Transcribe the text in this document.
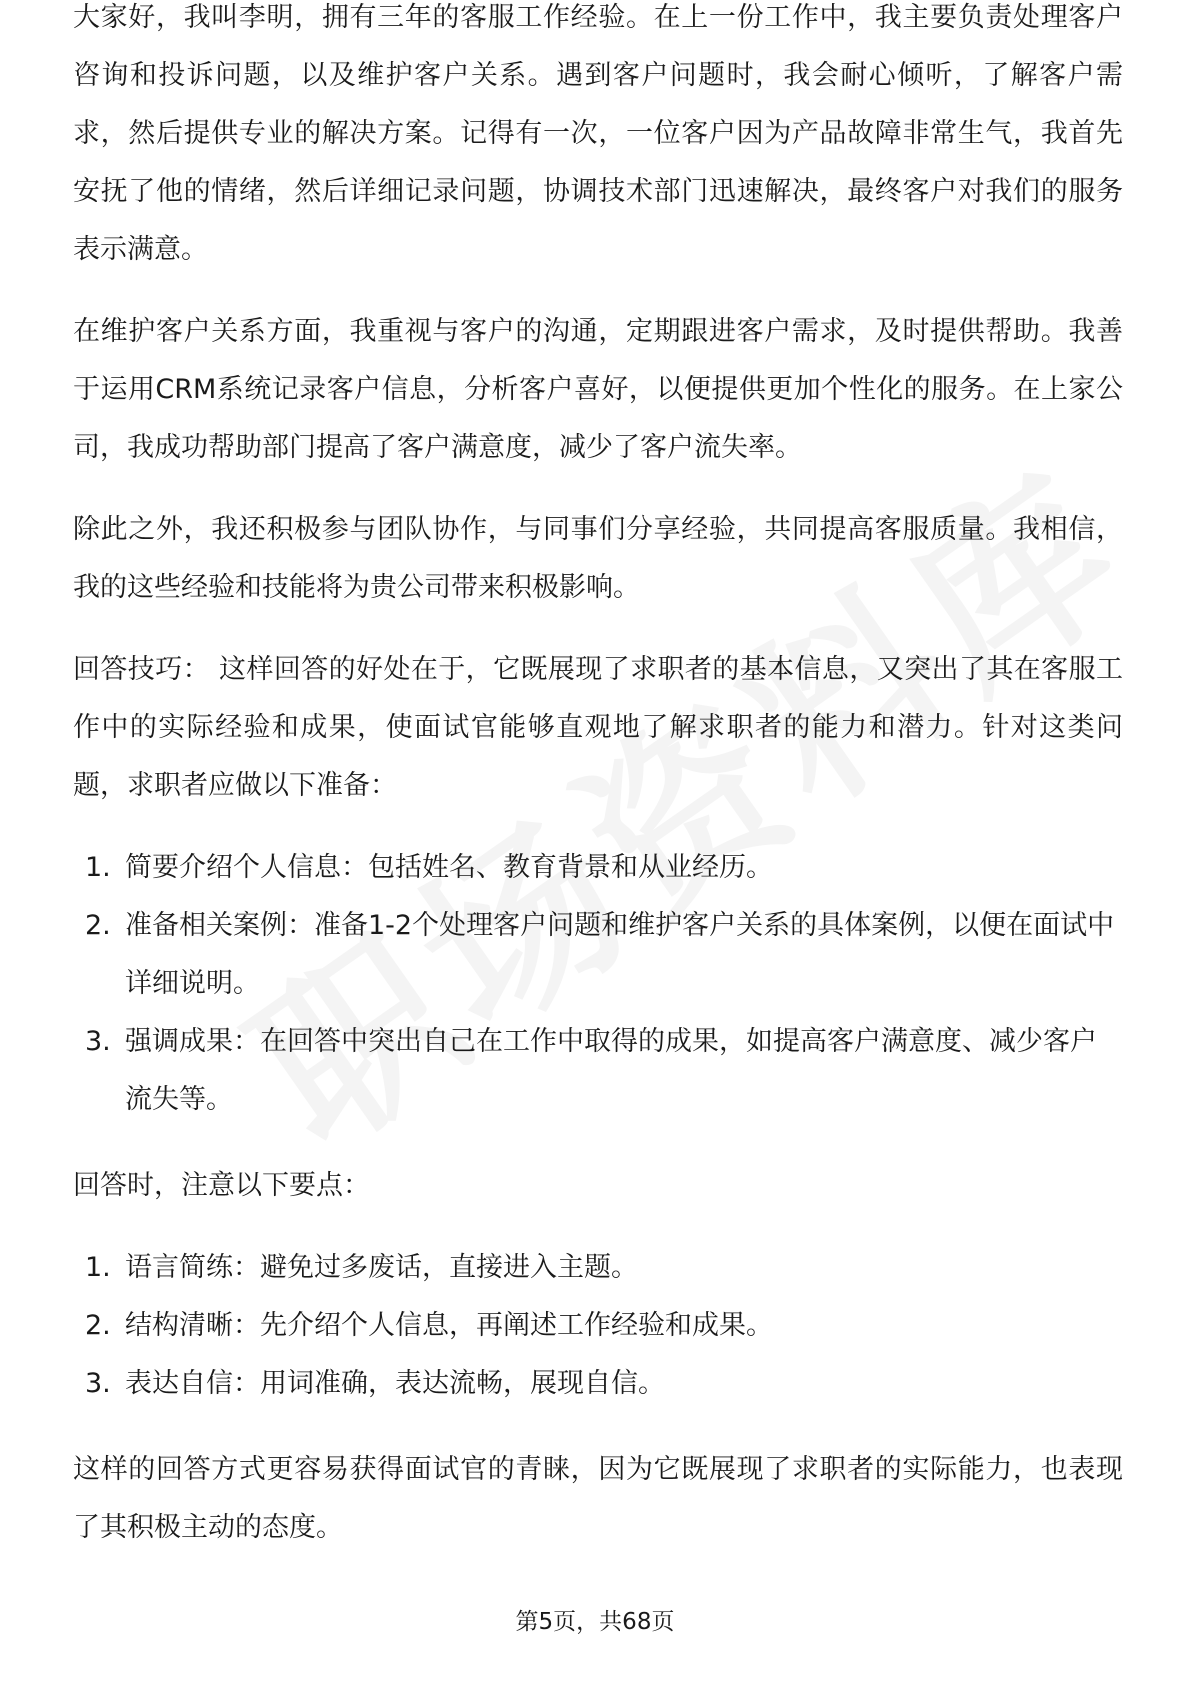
大家好，我叫李明，拥有三年的客服工作经验。在上一份工作中，我主要负责处理客户咨询和投诉问题，以及维护客户关系。遇到客户问题时，我会耐心倾听，了解客户需求，然后提供专业的解决方案。记得有一次，一位客户因为产品故障非常生气，我首先安抚了他的情绪，然后详细记录问题，协调技术部门迅速解决，最终客户对我们的服务表示满意。

在维护客户关系方面，我重视与客户的沟通，定期跟进客户需求，及时提供帮助。我善于运用CRM系统记录客户信息，分析客户喜好，以便提供更加个性化的服务。在上家公司，我成功帮助部门提高了客户满意度，减少了客户流失率。

除此之外，我还积极参与团队协作，与同事们分享经验，共同提高客服质量。我相信，我的这些经验和技能将为贵公司带来积极影响。

回答技巧： 这样回答的好处在于，它既展现了求职者的基本信息，又突出了其在客服工作中的实际经验和成果，使面试官能够直观地了解求职者的能力和潜力。针对这类问题，求职者应做以下准备：

1. 简要介绍个人信息：包括姓名、教育背景和从业经历。
2. 准备相关案例：准备1-2个处理客户问题和维护客户关系的具体案例，以便在面试中详细说明。
3. 强调成果：在回答中突出自己在工作中取得的成果，如提高客户满意度、减少客户流失等。

回答时，注意以下要点：

1. 语言简练：避免过多废话，直接进入主题。
2. 结构清晰：先介绍个人信息，再阐述工作经验和成果。
3. 表达自信：用词准确，表达流畅，展现自信。

这样的回答方式更容易获得面试官的青睐，因为它既展现了求职者的实际能力，也表现了其积极主动的态度。

第5页，共68页
